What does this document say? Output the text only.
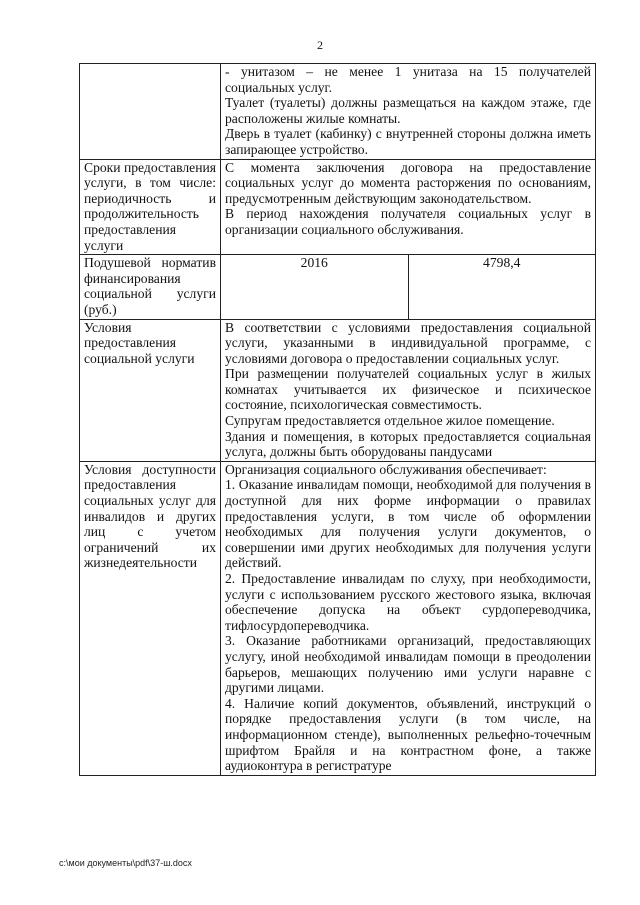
2

	- унитазом – не менее 1 унитаза на 15 получателей социальных услуг.

Туалет (туалеты) должны размещаться на каждом этаже, где расположены жилые комнаты.

Дверь в туалет (кабинку) с внутренней стороны должна иметь запирающее устройство.	

Сроки предоставления услуги, в том числе: периодичность и продолжительность предоставления услуги	С момента заключения договора на предоставление социальных услуг до момента расторжения по основаниям, предусмотренным действующим законодательством.

В период нахождения получателя социальных услуг в организации социального обслуживания.	

Подушевой норматив финансирования социальной услуги (руб.)	2016	4798,4

Условия предоставления социальной услуги	В соответствии с условиями предоставления социальной услуги, указанными в индивидуальной программе, с условиями договора о предоставлении социальных услуг.

При размещении получателей социальных услуг в жилых комнатах учитывается их физическое и психическое состояние, психологическая совместимость.

Супругам предоставляется отдельное жилое помещение.

Здания и помещения, в которых предоставляется социальная услуга, должны быть оборудованы пандусами	

Условия доступности предоставления социальных услуг для инвалидов и других лиц с учетом ограничений их жизнедеятельности	Организация социального обслуживания обеспечивает:

1. Оказание инвалидам помощи, необходимой для получения в доступной для них форме информации о правилах предоставления услуги, в том числе об оформлении необходимых для получения услуги документов, о совершении ими других необходимых для получения услуги действий.

2. Предоставление инвалидам по слуху, при необходимости, услуги с использованием русского жестового языка, включая обеспечение допуска на объект сурдопереводчика, тифлосурдопереводчика.

3. Оказание работниками организаций, предоставляющих услугу, иной необходимой инвалидам помощи в преодолении барьеров, мешающих получению ими услуги наравне с другими лицами.

4. Наличие копий документов, объявлений, инструкций о порядке предоставления услуги (в том числе, на информационном стенде), выполненных рельефно-точечным шрифтом Брайля и на контрастном фоне, а также аудиоконтура в регистратуре	

c:\мои документы\pdf\37-ш.docx
